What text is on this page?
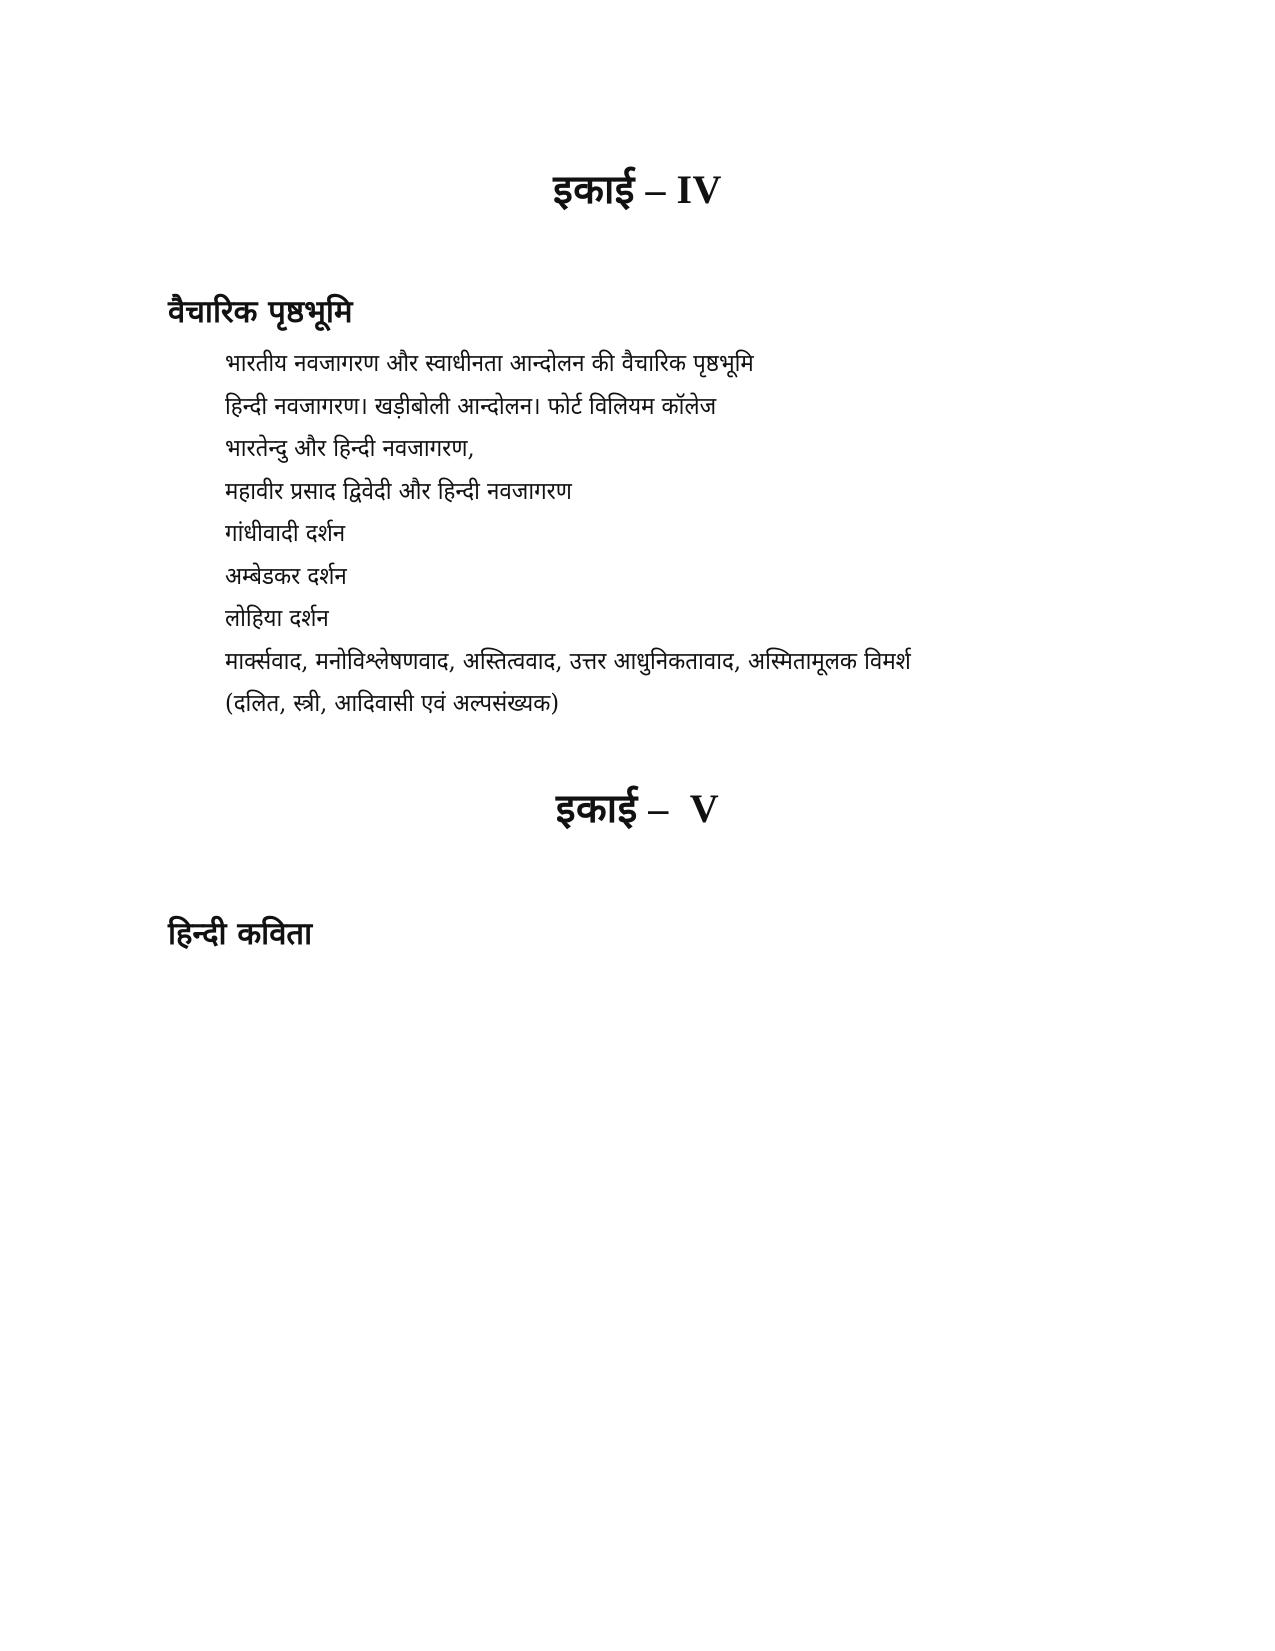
इकाई – IV
वैचारिक पृष्ठभूमि
भारतीय नवजागरण और स्वाधीनता आन्दोलन की वैचारिक पृष्ठभूमि
हिन्दी नवजागरण। खड़ीबोली आन्दोलन। फोर्ट विलियम कॉलेज
भारतेन्दु और हिन्दी नवजागरण,
महावीर प्रसाद द्विवेदी और हिन्दी नवजागरण
गांधीवादी दर्शन
अम्बेडकर दर्शन
लोहिया दर्शन
मार्क्सवाद, मनोविश्लेषणवाद, अस्तित्ववाद, उत्तर आधुनिकतावाद, अस्मितामूलक विमर्श
(दलित, स्त्री, आदिवासी एवं अल्पसंख्यक)
इकाई –  V
हिन्दी कविता
